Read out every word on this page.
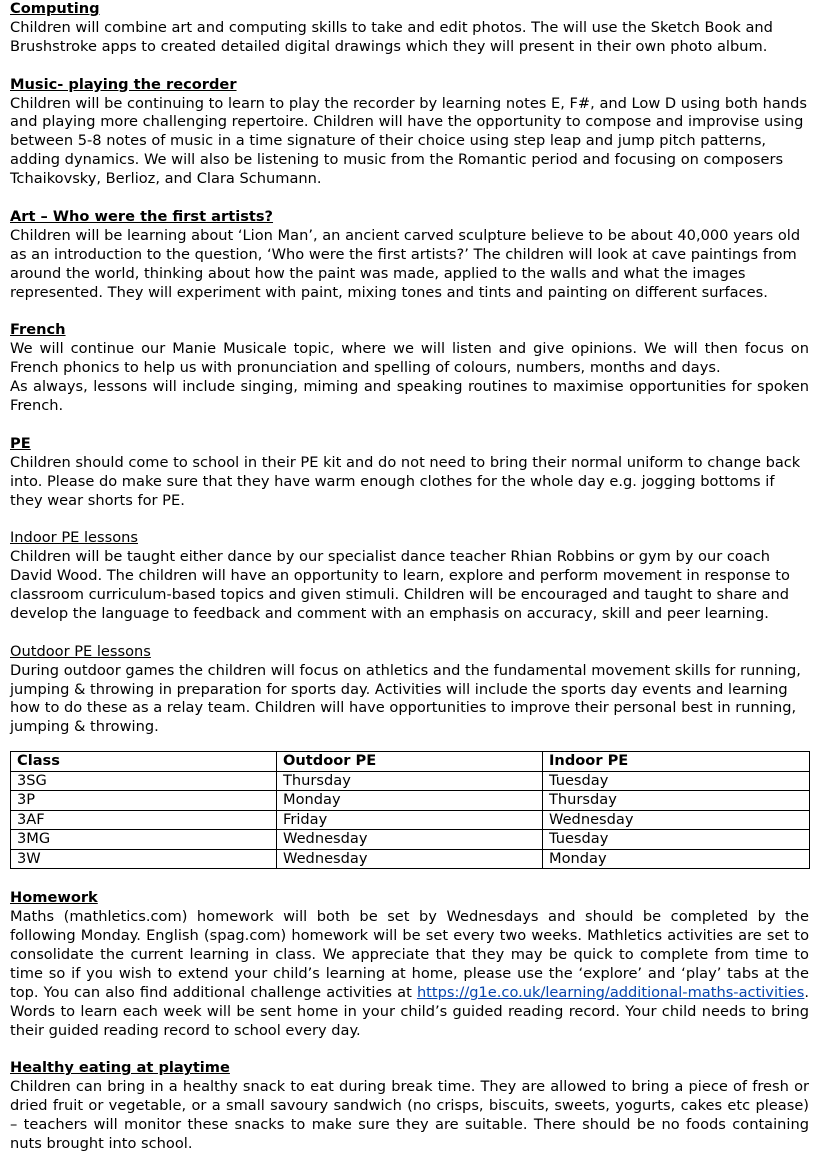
Computing

Children will combine art and computing skills to take and edit photos. The will use the Sketch Book and Brushstroke apps to created detailed digital drawings which they will present in their own photo album.

Music- playing the recorder

Children will be continuing to learn to play the recorder by learning notes E, F#, and Low D using both hands and playing more challenging repertoire. Children will have the opportunity to compose and improvise using between 5-8 notes of music in a time signature of their choice using step leap and jump pitch patterns, adding dynamics. We will also be listening to music from the Romantic period and focusing on composers Tchaikovsky, Berlioz, and Clara Schumann.

Art – Who were the first artists?

Children will be learning about ‘Lion Man’, an ancient carved sculpture believe to be about 40,000 years old as an introduction to the question, ‘Who were the first artists?’ The children will look at cave paintings from around the world, thinking about how the paint was made, applied to the walls and what the images represented. They will experiment with paint, mixing tones and tints and painting on different surfaces.

French

We will continue our Manie Musicale topic, where we will listen and give opinions. We will then focus on French phonics to help us with pronunciation and spelling of colours, numbers, months and days.

As always, lessons will include singing, miming and speaking routines to maximise opportunities for spoken French.

PE

Children should come to school in their PE kit and do not need to bring their normal uniform to change back into. Please do make sure that they have warm enough clothes for the whole day e.g. jogging bottoms if they wear shorts for PE.

Indoor PE lessons

Children will be taught either dance by our specialist dance teacher Rhian Robbins or gym by our coach David Wood. The children will have an opportunity to learn, explore and perform movement in response to classroom curriculum-based topics and given stimuli. Children will be encouraged and taught to share and develop the language to feedback and comment with an emphasis on accuracy, skill and peer learning.

Outdoor PE lessons

During outdoor games the children will focus on athletics and the fundamental movement skills for running, jumping & throwing in preparation for sports day. Activities will include the sports day events and learning how to do these as a relay team. Children will have opportunities to improve their personal best in running, jumping & throwing.

Class	Outdoor PE	Indoor PE
3SG	Thursday	Tuesday
3P	Monday	Thursday
3AF	Friday	Wednesday
3MG	Wednesday	Tuesday
3W	Wednesday	Monday
Homework

Maths (mathletics.com) homework will both be set by Wednesdays and should be completed by the following Monday. English (spag.com) homework will be set every two weeks. Mathletics activities are set to consolidate the current learning in class. We appreciate that they may be quick to complete from time to time so if you wish to extend your child’s learning at home, please use the ‘explore’ and ‘play’ tabs at the top. You can also find additional challenge activities at https://g1e.co.uk/learning/additional-maths-activities. Words to learn each week will be sent home in your child’s guided reading record. Your child needs to bring their guided reading record to school every day.

Healthy eating at playtime

Children can bring in a healthy snack to eat during break time. They are allowed to bring a piece of fresh or dried fruit or vegetable, or a small savoury sandwich (no crisps, biscuits, sweets, yogurts, cakes etc please) – teachers will monitor these snacks to make sure they are suitable. There should be no foods containing nuts brought into school.
